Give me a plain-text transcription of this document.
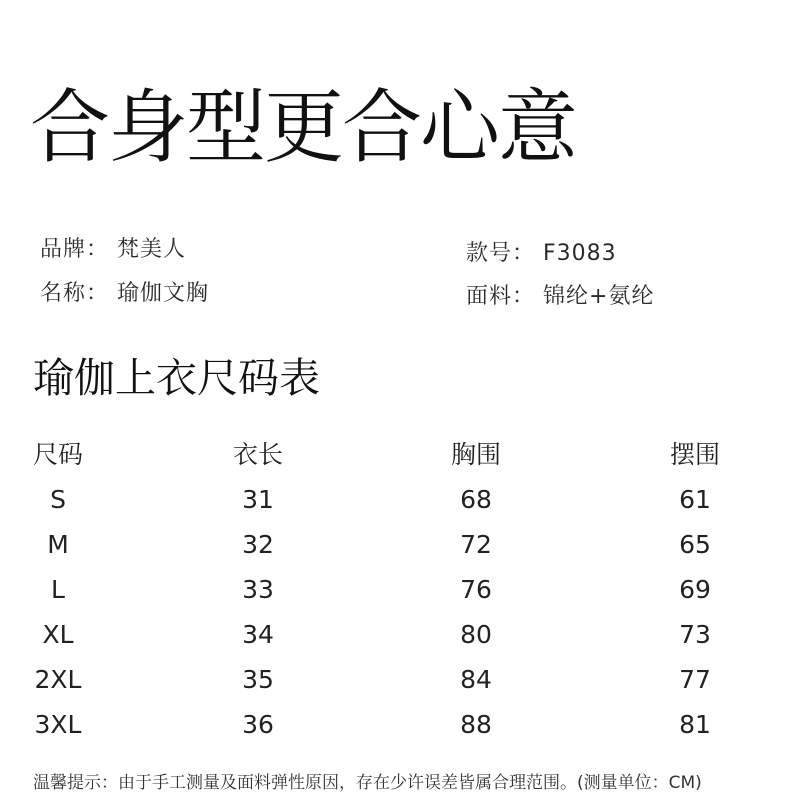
合身型更合心意
品牌： 梵美人	款号： F3083
名称： 瑜伽文胸	面料： 锦纶+氨纶
瑜伽上衣尺码表
尺码	衣长	胸围	摆围
S	31	68	61
M	32	72	65
L	33	76	69
XL	34	80	73
2XL	35	84	77
3XL	36	88	81
温馨提示：由于手工测量及面料弹性原因，存在少许误差皆属合理范围。(测量单位：CM)
